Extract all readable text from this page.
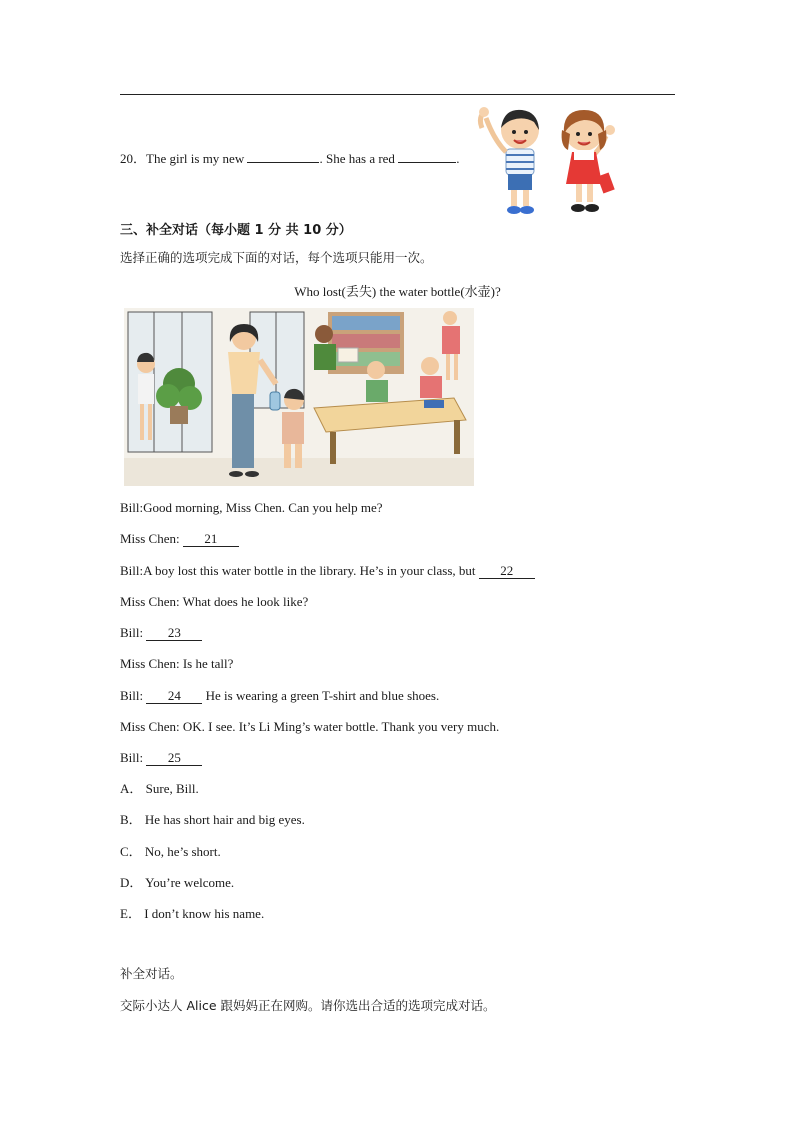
20．The girl is my new	. She has a red	.
三、补全对话（每小题 1 分 共 10 分）
选择正确的选项完成下面的对话，每个选项只能用一次。
Who lost(丢失) the water bottle(水壶)?
Bill:Good morning, Miss Chen. Can you help me?
Miss Chen: 21
Bill:A boy lost this water bottle in the library. He’s in your class, but 22
Miss Chen: What does he look like?
Bill: 23
Miss Chen: Is he tall?
Bill: 24 He is wearing a green T-shirt and blue shoes.
Miss Chen: OK. I see. It’s Li Ming’s water bottle. Thank you very much.
Bill: 25
A． Sure, Bill.
B． He has short hair and big eyes.
C． No, he’s short.
D． You’re welcome.
E． I don’t know his name.
补全对话。
交际小达人 Alice 跟妈妈正在网购。请你选出合适的选项完成对话。
